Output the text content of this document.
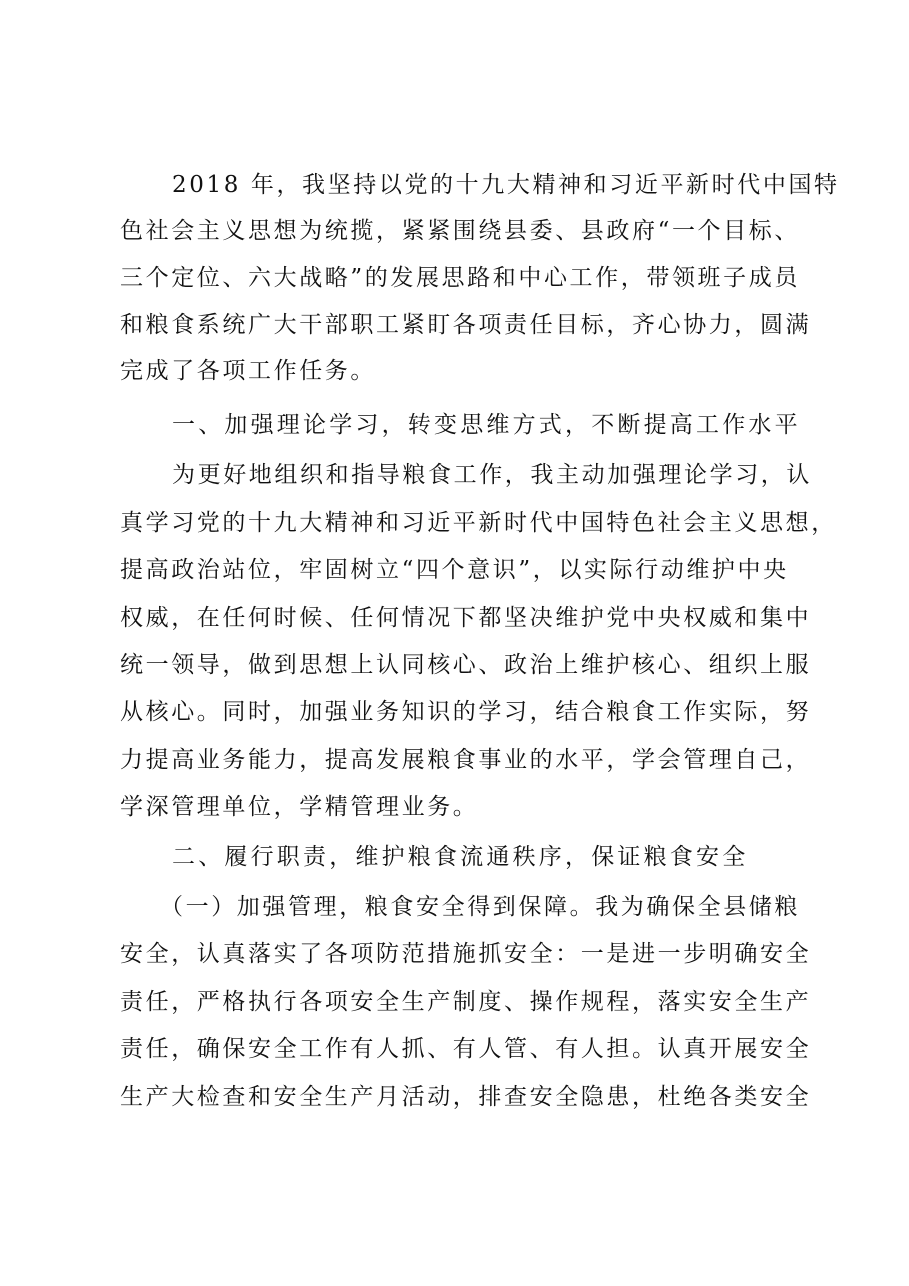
2018 年，我坚持以党的十九大精神和习近平新时代中国特
色社会主义思想为统揽，紧紧围绕县委、县政府“一个目标、
三个定位、六大战略”的发展思路和中心工作，带领班子成员
和粮食系统广大干部职工紧盯各项责任目标，齐心协力，圆满
完成了各项工作任务。
一、加强理论学习，转变思维方式，不断提高工作水平
为更好地组织和指导粮食工作，我主动加强理论学习，认
真学习党的十九大精神和习近平新时代中国特色社会主义思想，
提高政治站位，牢固树立“四个意识”，以实际行动维护中央
权威，在任何时候、任何情况下都坚决维护党中央权威和集中
统一领导，做到思想上认同核心、政治上维护核心、组织上服
从核心。同时，加强业务知识的学习，结合粮食工作实际，努
力提高业务能力，提高发展粮食事业的水平，学会管理自己，
学深管理单位，学精管理业务。
二、履行职责，维护粮食流通秩序，保证粮食安全
（一）加强管理，粮食安全得到保障。我为确保全县储粮
安全，认真落实了各项防范措施抓安全：一是进一步明确安全
责任，严格执行各项安全生产制度、操作规程，落实安全生产
责任，确保安全工作有人抓、有人管、有人担。认真开展安全
生产大检查和安全生产月活动，排查安全隐患，杜绝各类安全
